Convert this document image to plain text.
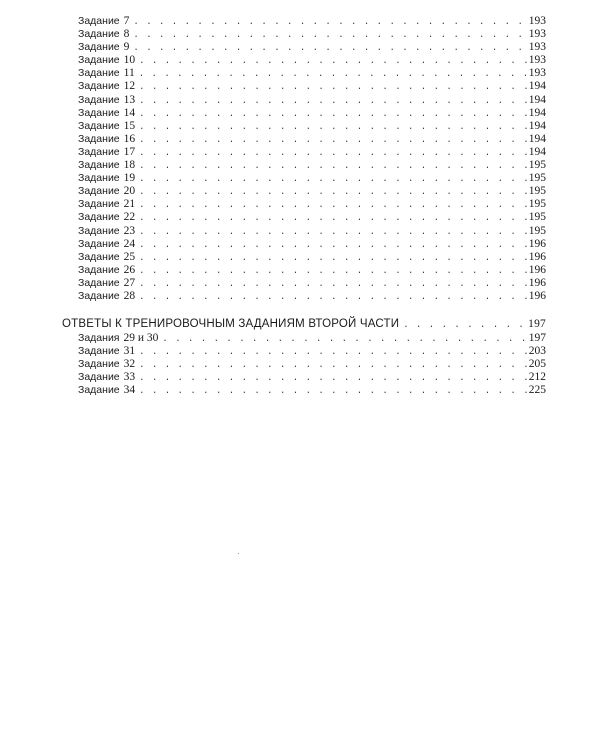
Задание 7 . . .	193
Задание 8 . . .	193
Задание 9 . . .	193
Задание 10 . . .	193
Задание 11 . . .	193
Задание 12 . . .	194
Задание 13 . . .	194
Задание 14 . . .	194
Задание 15 . . .	194
Задание 16 . . .	194
Задание 17 . . .	194
Задание 18 . . .	195
Задание 19 . . .	195
Задание 20 . . .	195
Задание 21 . . .	195
Задание 22 . . .	195
Задание 23 . . .	195
Задание 24 . . .	196
Задание 25 . . .	196
Задание 26 . . .	196
Задание 27 . . .	196
Задание 28 . . .	196
ОТВЕТЫ К ТРЕНИРОВОЧНЫМ ЗАДАНИЯМ ВТОРОЙ ЧАСТИ . . .	197
Задания 29 и 30 . . .	197
Задание 31 . . .	203
Задание 32 . . .	205
Задание 33 . . .	212
Задание 34 . . .	225
